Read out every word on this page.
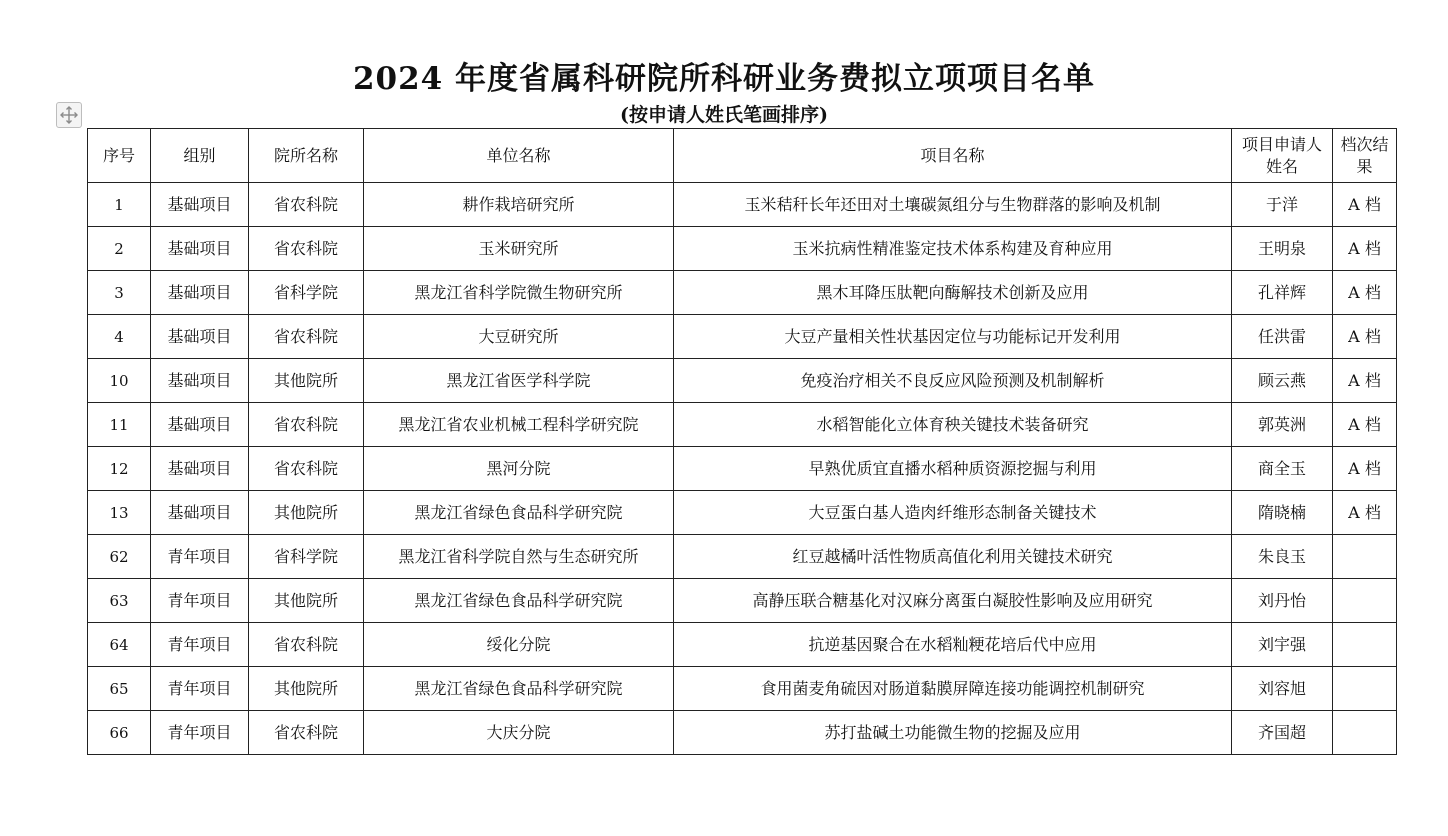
2024 年度省属科研院所科研业务费拟立项项目名单
(按申请人姓氏笔画排序)
序号	组别	院所名称	单位名称	项目名称	项目申请人姓名	档次结果
1	基础项目	省农科院	耕作栽培研究所	玉米秸秆长年还田对土壤碳氮组分与生物群落的影响及机制	于洋	A 档
2	基础项目	省农科院	玉米研究所	玉米抗病性精准鉴定技术体系构建及育种应用	王明泉	A 档
3	基础项目	省科学院	黑龙江省科学院微生物研究所	黑木耳降压肽靶向酶解技术创新及应用	孔祥辉	A 档
4	基础项目	省农科院	大豆研究所	大豆产量相关性状基因定位与功能标记开发利用	任洪雷	A 档
10	基础项目	其他院所	黑龙江省医学科学院	免疫治疗相关不良反应风险预测及机制解析	顾云燕	A 档
11	基础项目	省农科院	黑龙江省农业机械工程科学研究院	水稻智能化立体育秧关键技术装备研究	郭英洲	A 档
12	基础项目	省农科院	黑河分院	早熟优质宜直播水稻种质资源挖掘与利用	商全玉	A 档
13	基础项目	其他院所	黑龙江省绿色食品科学研究院	大豆蛋白基人造肉纤维形态制备关键技术	隋晓楠	A 档
62	青年项目	省科学院	黑龙江省科学院自然与生态研究所	红豆越橘叶活性物质高值化利用关键技术研究	朱良玉	
63	青年项目	其他院所	黑龙江省绿色食品科学研究院	高静压联合糖基化对汉麻分离蛋白凝胶性影响及应用研究	刘丹怡	
64	青年项目	省农科院	绥化分院	抗逆基因聚合在水稻籼粳花培后代中应用	刘宇强	
65	青年项目	其他院所	黑龙江省绿色食品科学研究院	食用菌麦角硫因对肠道黏膜屏障连接功能调控机制研究	刘容旭	
66	青年项目	省农科院	大庆分院	苏打盐碱土功能微生物的挖掘及应用	齐国超	
